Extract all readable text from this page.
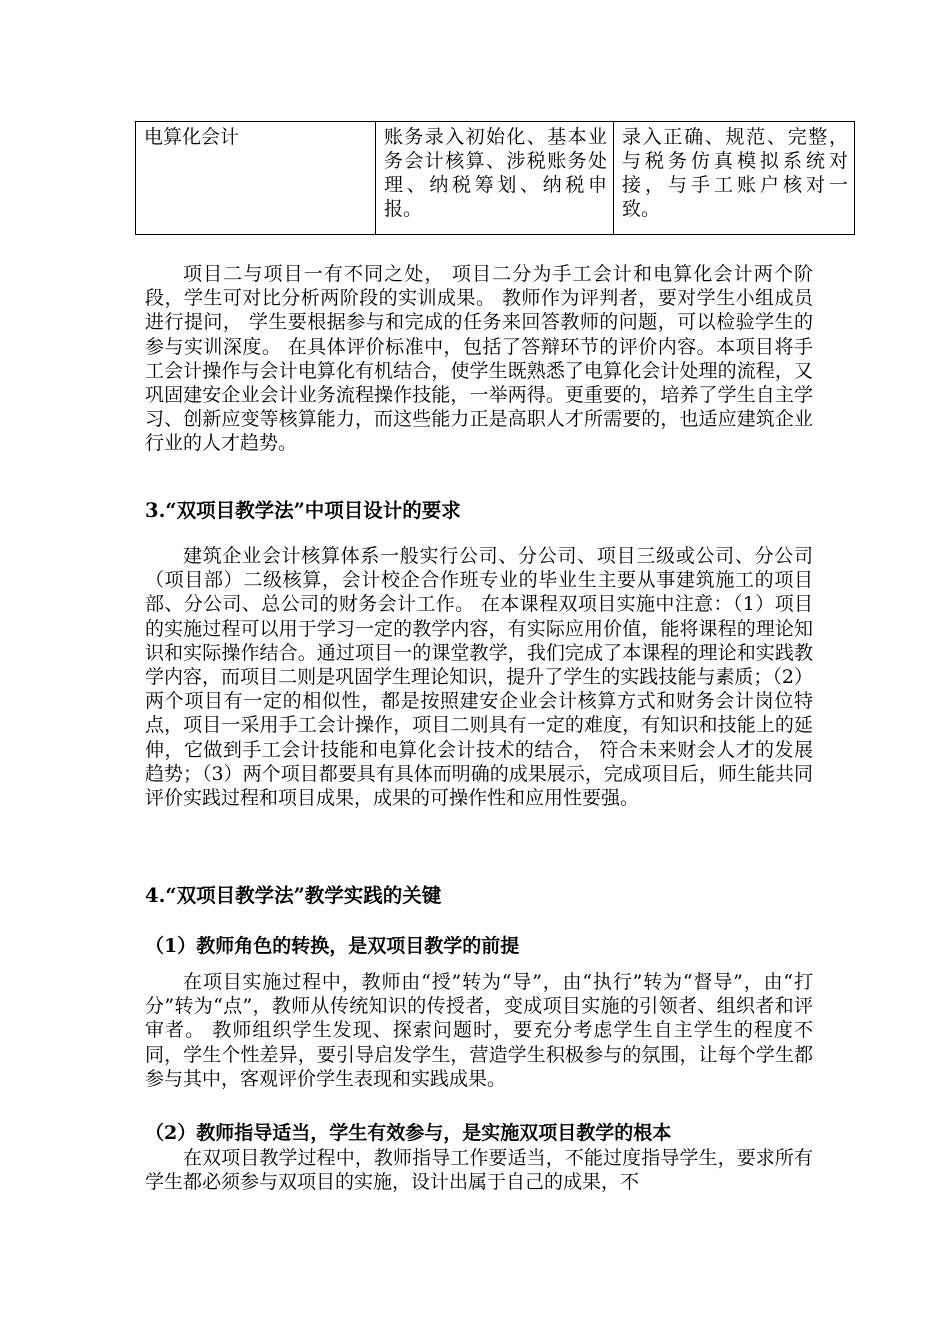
电算化会计	账务录入初始化、基本业务会计核算、涉税账务处理、纳税筹划、纳税申报。	录入正确、规范、完整，与税务仿真模拟系统对接，与手工账户核对一致。

项目二与项目一有不同之处， 项目二分为手工会计和电算化会计两个阶段，学生可对比分析两阶段的实训成果。 教师作为评判者，要对学生小组成员进行提问， 学生要根据参与和完成的任务来回答教师的问题，可以检验学生的参与实训深度。 在具体评价标准中，包括了答辩环节的评价内容。本项目将手工会计操作与会计电算化有机结合，使学生既熟悉了电算化会计处理的流程，又巩固建安企业会计业务流程操作技能，一举两得。更重要的，培养了学生自主学习、创新应变等核算能力，而这些能力正是高职人才所需要的，也适应建筑企业行业的人才趋势。

3.“双项目教学法”中项目设计的要求

建筑企业会计核算体系一般实行公司、分公司、项目三级或公司、分公司（项目部）二级核算，会计校企合作班专业的毕业生主要从事建筑施工的项目部、分公司、总公司的财务会计工作。 在本课程双项目实施中注意：（1）项目的实施过程可以用于学习一定的教学内容，有实际应用价值，能将课程的理论知识和实际操作结合。通过项目一的课堂教学，我们完成了本课程的理论和实践教学内容，而项目二则是巩固学生理论知识，提升了学生的实践技能与素质；（2）两个项目有一定的相似性，都是按照建安企业会计核算方式和财务会计岗位特点，项目一采用手工会计操作，项目二则具有一定的难度，有知识和技能上的延伸，它做到手工会计技能和电算化会计技术的结合， 符合未来财会人才的发展趋势；（3）两个项目都要具有具体而明确的成果展示，完成项目后，师生能共同评价实践过程和项目成果，成果的可操作性和应用性要强。

4.“双项目教学法”教学实践的关键
（1）教师角色的转换，是双项目教学的前提

在项目实施过程中，教师由“授”转为“导”，由“执行”转为“督导”，由“打分”转为“点”，教师从传统知识的传授者，变成项目实施的引领者、组织者和评审者。 教师组织学生发现、探索问题时，要充分考虑学生自主学生的程度不同，学生个性差异，要引导启发学生，营造学生积极参与的氛围，让每个学生都参与其中，客观评价学生表现和实践成果。

（2）教师指导适当，学生有效参与，是实施双项目教学的根本

在双项目教学过程中，教师指导工作要适当，不能过度指导学生，要求所有学生都必须参与双项目的实施，设计出属于自己的成果，不
